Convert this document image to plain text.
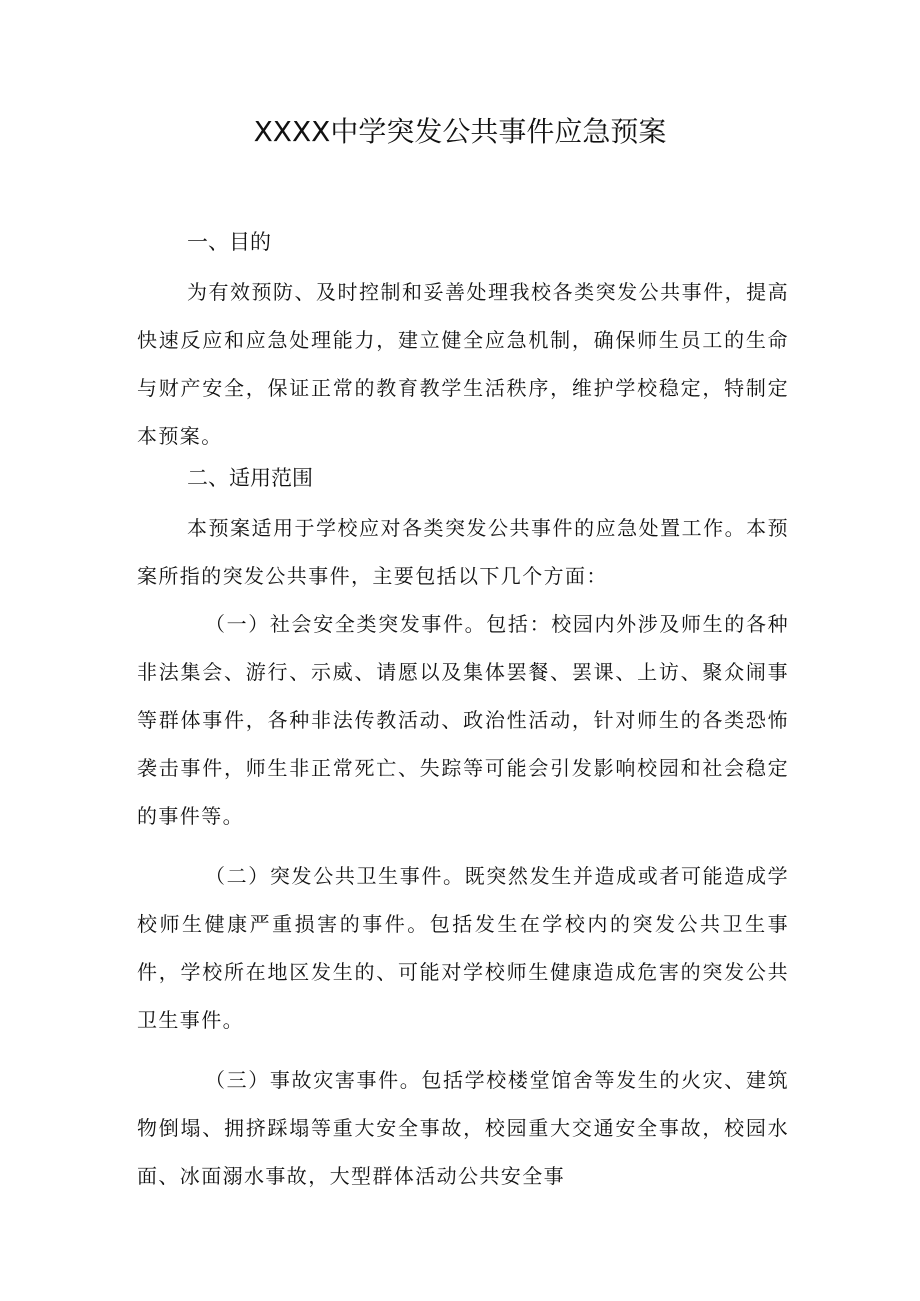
XXXX中学突发公共事件应急预案
一、目的

为有效预防、及时控制和妥善处理我校各类突发公共事件，提高快速反应和应急处理能力，建立健全应急机制，确保师生员工的生命与财产安全，保证正常的教育教学生活秩序，维护学校稳定，特制定本预案。

二、适用范围

本预案适用于学校应对各类突发公共事件的应急处置工作。本预案所指的突发公共事件，主要包括以下几个方面：

（一）社会安全类突发事件。包括：校园内外涉及师生的各种非法集会、游行、示威、请愿以及集体罢餐、罢课、上访、聚众闹事等群体事件，各种非法传教活动、政治性活动，针对师生的各类恐怖袭击事件，师生非正常死亡、失踪等可能会引发影响校园和社会稳定的事件等。

（二）突发公共卫生事件。既突然发生并造成或者可能造成学校师生健康严重损害的事件。包括发生在学校内的突发公共卫生事件，学校所在地区发生的、可能对学校师生健康造成危害的突发公共卫生事件。

（三）事故灾害事件。包括学校楼堂馆舍等发生的火灾、建筑物倒塌、拥挤踩塌等重大安全事故，校园重大交通安全事故，校园水面、冰面溺水事故，大型群体活动公共安全事
